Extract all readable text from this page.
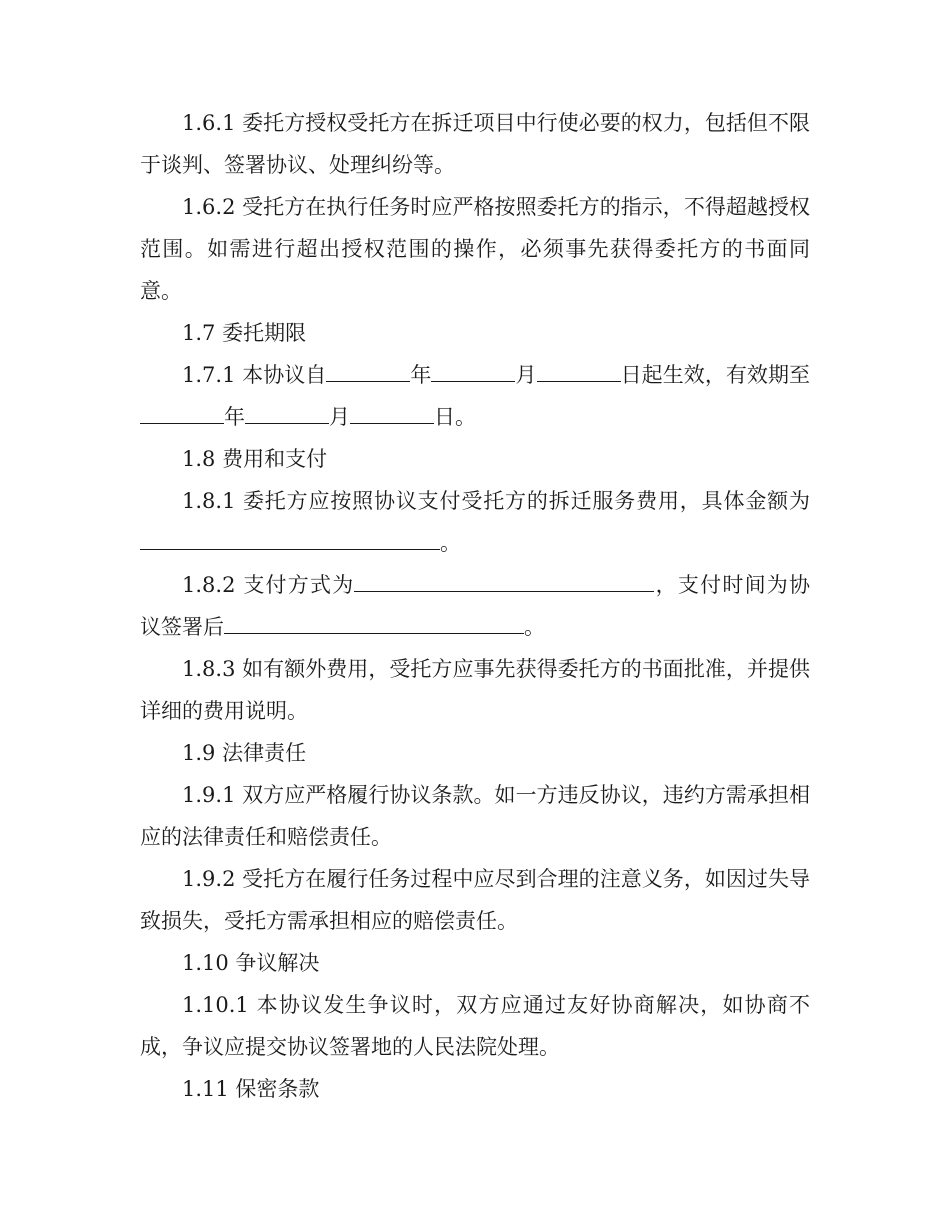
1.6.1 委托方授权受托方在拆迁项目中行使必要的权力，包括但不限于谈判、签署协议、处理纠纷等。

1.6.2 受托方在执行任务时应严格按照委托方的指示，不得超越授权范围。如需进行超出授权范围的操作，必须事先获得委托方的书面同意。

1.7 委托期限

1.7.1 本协议自	年	月	日起生效，有效期至年	月	日。

1.8 费用和支付

1.8.1 委托方应按照协议支付受托方的拆迁服务费用，具体金额为。

1.8.2 支付方式为	，支付时间为协议签署后	。

1.8.3 如有额外费用，受托方应事先获得委托方的书面批准，并提供详细的费用说明。

1.9 法律责任

1.9.1 双方应严格履行协议条款。如一方违反协议，违约方需承担相应的法律责任和赔偿责任。

1.9.2 受托方在履行任务过程中应尽到合理的注意义务，如因过失导致损失，受托方需承担相应的赔偿责任。

1.10 争议解决

1.10.1 本协议发生争议时，双方应通过友好协商解决，如协商不成，争议应提交协议签署地的人民法院处理。

1.11 保密条款
